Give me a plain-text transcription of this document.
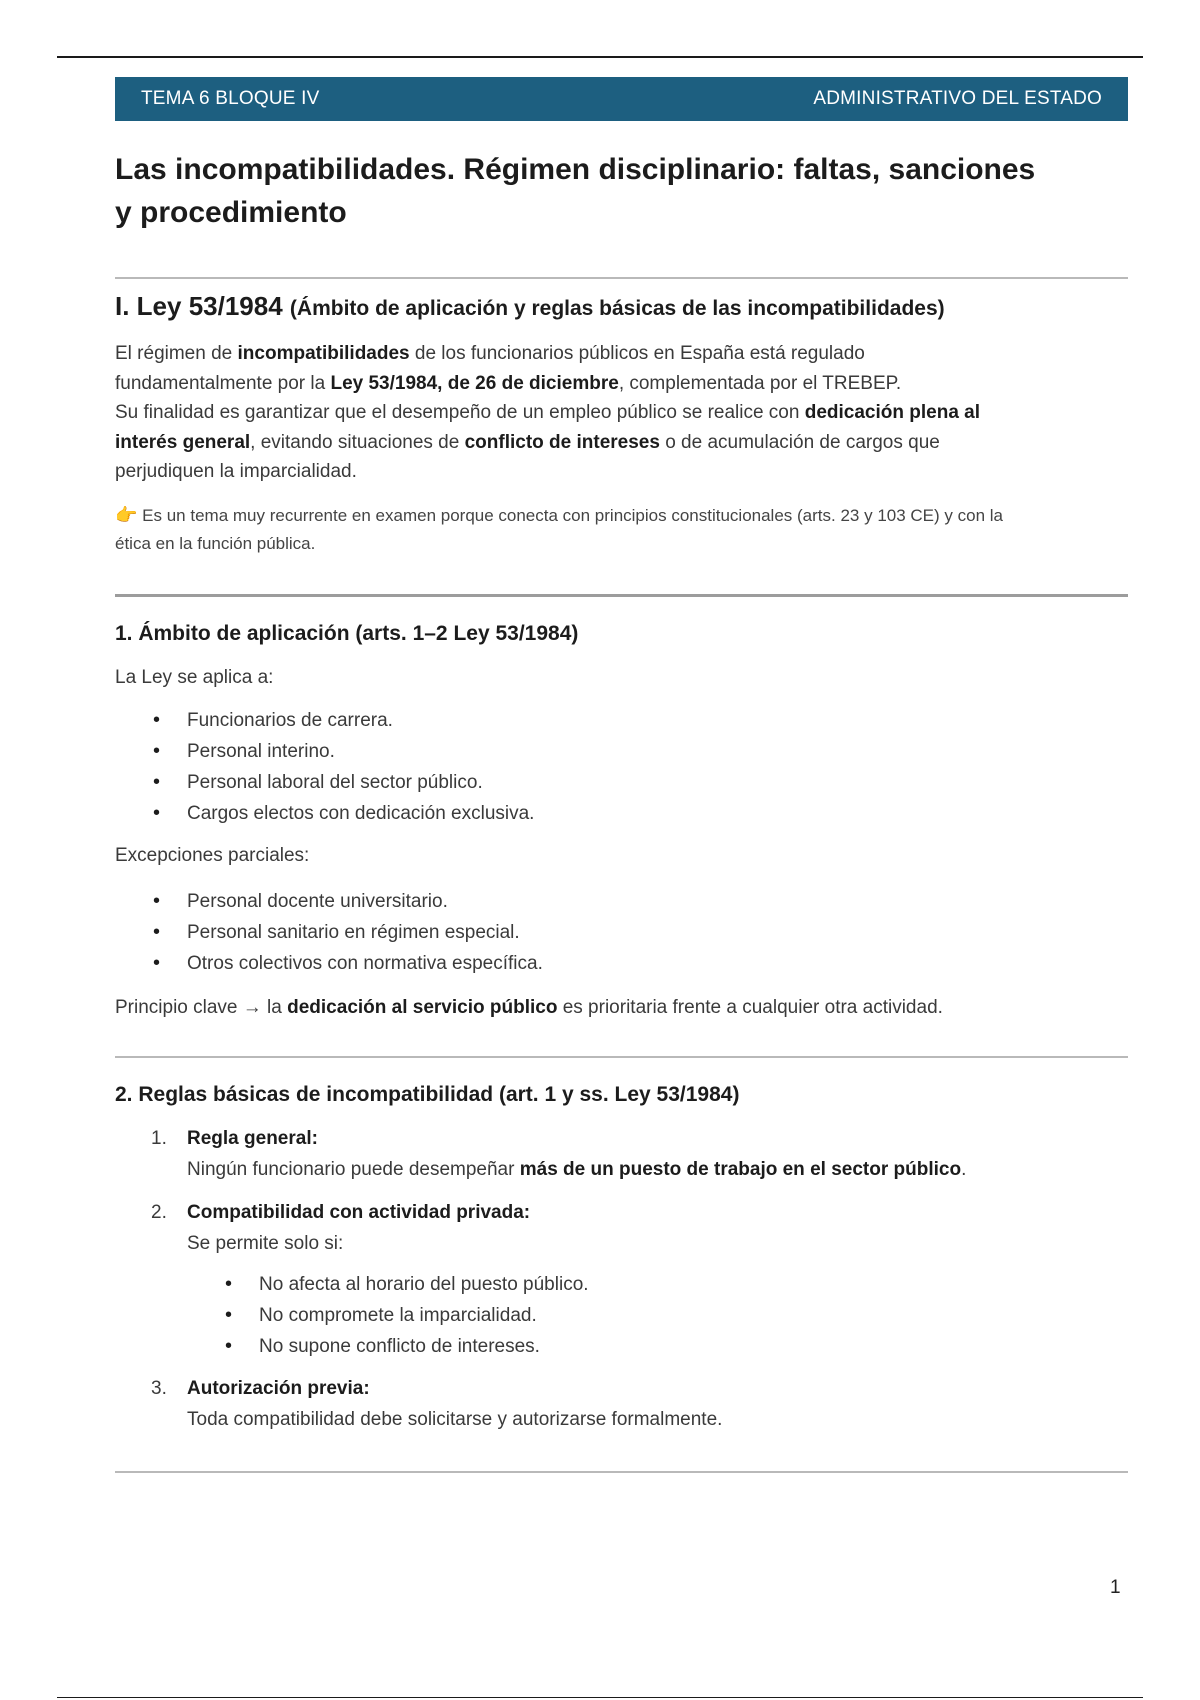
TEMA 6 BLOQUE IV	ADMINISTRATIVO DEL ESTADO
Las incompatibilidades. Régimen disciplinario: faltas, sanciones
y procedimiento
I. Ley 53/1984 (Ámbito de aplicación y reglas básicas de las incompatibilidades)

El régimen de incompatibilidades de los funcionarios públicos en España está regulado
fundamentalmente por la Ley 53/1984, de 26 de diciembre, complementada por el TREBEP.
Su finalidad es garantizar que el desempeño de un empleo público se realice con dedicación plena al
interés general, evitando situaciones de conflicto de intereses o de acumulación de cargos que
perjudiquen la imparcialidad.

👉 Es un tema muy recurrente en examen porque conecta con principios constitucionales (arts. 23 y 103 CE) y con la
ética en la función pública.

1. Ámbito de aplicación (arts. 1–2 Ley 53/1984)

La Ley se aplica a:

• Funcionarios de carrera.
• Personal interino.
• Personal laboral del sector público.
• Cargos electos con dedicación exclusiva.

Excepciones parciales:

• Personal docente universitario.
• Personal sanitario en régimen especial.
• Otros colectivos con normativa específica.

Principio clave → la dedicación al servicio público es prioritaria frente a cualquier otra actividad.

2. Reglas básicas de incompatibilidad (art. 1 y ss. Ley 53/1984)
1. Regla general:
Ningún funcionario puede desempeñar más de un puesto de trabajo en el sector público.
2. Compatibilidad con actividad privada:
Se permite solo si:
• No afecta al horario del puesto público.
• No compromete la imparcialidad.
• No supone conflicto de intereses.
3. Autorización previa:
Toda compatibilidad debe solicitarse y autorizarse formalmente.
1
